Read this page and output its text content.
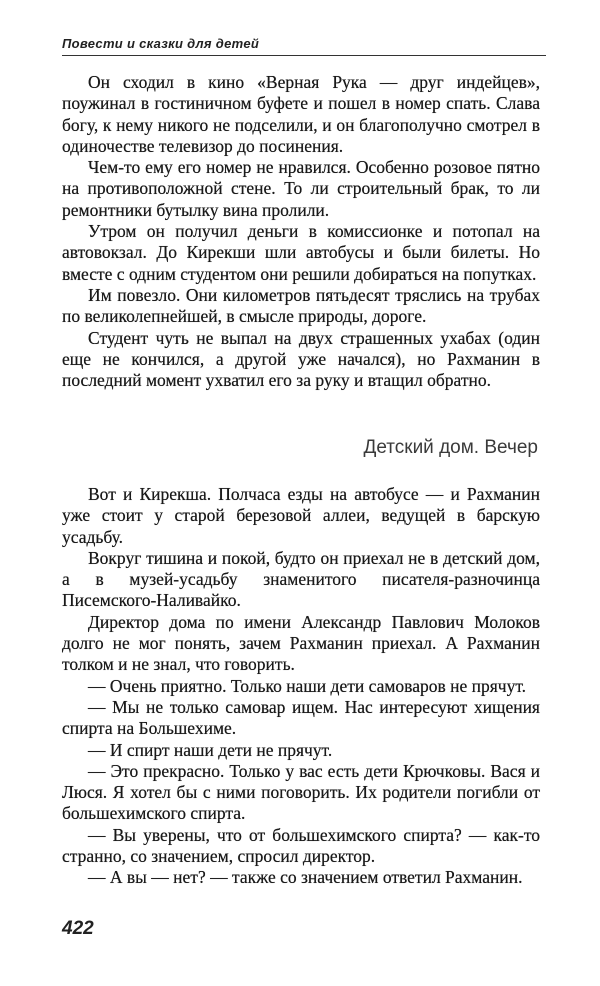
Повести и сказки для детей

Он сходил в кино «Верная Рука — друг индейцев», поужинал в гостиничном буфете и пошел в номер спать. Слава богу, к нему никого не подселили, и он благополучно смотрел в одиночестве телевизор до посинения.

Чем-то ему его номер не нравился. Особенно розовое пятно на противоположной стене. То ли строительный брак, то ли ремонтники бутылку вина пролили.

Утром он получил деньги в комиссионке и потопал на автовокзал. До Кирекши шли автобусы и были билеты. Но вместе с одним студентом они решили добираться на попутках.

Им повезло. Они километров пятьдесят тряслись на трубах по великолепнейшей, в смысле природы, дороге.

Студент чуть не выпал на двух страшенных ухабах (один еще не кончился, а другой уже начался), но Рахманин в последний момент ухватил его за руку и втащил обратно.

Детский дом. Вечер

Вот и Кирекша. Полчаса езды на автобусе — и Рахманин уже стоит у старой березовой аллеи, ведущей в барскую усадьбу.

Вокруг тишина и покой, будто он приехал не в детский дом, а в музей-усадьбу знаменитого писателя-разночинца Писемского-Наливайко.

Директор дома по имени Александр Павлович Молоков долго не мог понять, зачем Рахманин приехал. А Рахманин толком и не знал, что говорить.

— Очень приятно. Только наши дети самоваров не прячут.

— Мы не только самовар ищем. Нас интересуют хищения спирта на Большехиме.

— И спирт наши дети не прячут.

— Это прекрасно. Только у вас есть дети Крючковы. Вася и Люся. Я хотел бы с ними поговорить. Их родители погибли от большехимского спирта.

— Вы уверены, что от большехимского спирта? — как-то странно, со значением, спросил директор.

— А вы — нет? — также со значением ответил Рахманин.

422
